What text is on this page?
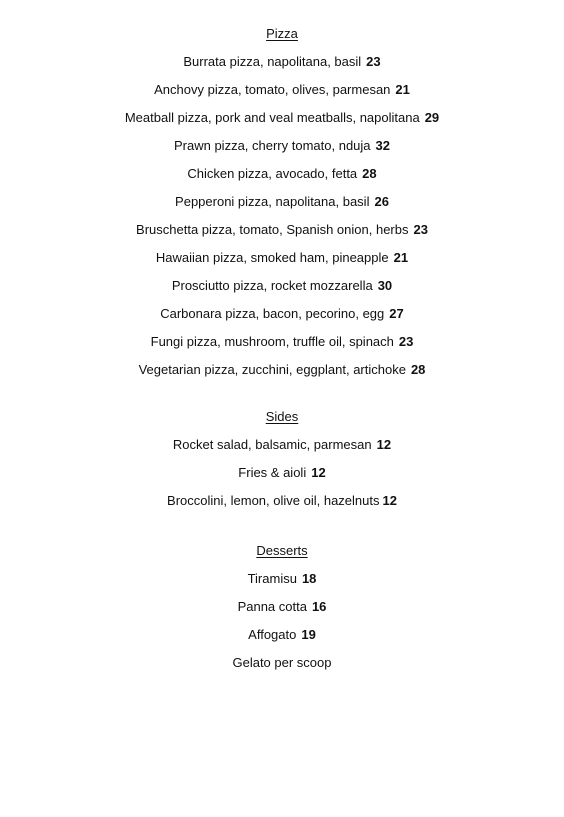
Pizza
Burrata pizza, napolitana, basil 23
Anchovy pizza, tomato, olives, parmesan 21
Meatball pizza, pork and veal meatballs, napolitana 29
Prawn pizza, cherry tomato, nduja 32
Chicken pizza, avocado, fetta 28
Pepperoni pizza, napolitana, basil 26
Bruschetta pizza, tomato, Spanish onion, herbs 23
Hawaiian pizza, smoked ham, pineapple 21
Prosciutto pizza, rocket mozzarella 30
Carbonara pizza, bacon, pecorino, egg 27
Fungi pizza, mushroom, truffle oil, spinach 23
Vegetarian pizza, zucchini, eggplant, artichoke 28
Sides
Rocket salad, balsamic, parmesan 12
Fries & aioli 12
Broccolini, lemon, olive oil, hazelnuts 12
Desserts
Tiramisu 18
Panna cotta 16
Affogato 19
Gelato per scoop
